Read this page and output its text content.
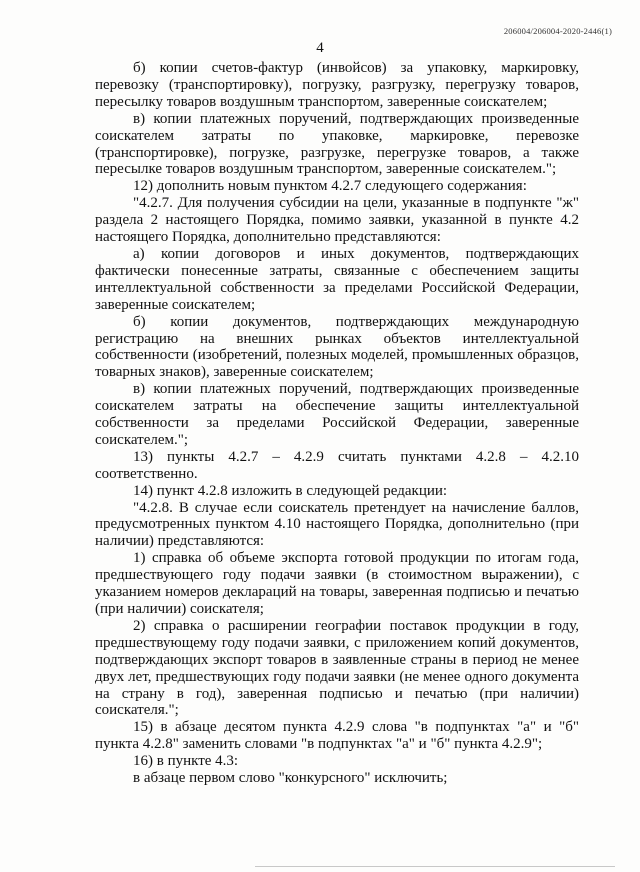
206004/206004-2020-2446(1)
4

б) копии счетов-фактур (инвойсов) за упаковку, маркировку, перевозку (транспортировку), погрузку, разгрузку, перегрузку товаров, пересылку товаров воздушным транспортом, заверенные соискателем;

в) копии платежных поручений, подтверждающих произведенные соискателем затраты по упаковке, маркировке, перевозке (транспортировке), погрузке, разгрузке, перегрузке товаров, а также пересылке товаров воздушным транспортом, заверенные соискателем.";

12) дополнить новым пунктом 4.2.7 следующего содержания:

"4.2.7. Для получения субсидии на цели, указанные в подпункте "ж" раздела 2 настоящего Порядка, помимо заявки, указанной в пункте 4.2 настоящего Порядка, дополнительно представляются:

а) копии договоров и иных документов, подтверждающих фактически понесенные затраты, связанные с обеспечением защиты интеллектуальной собственности за пределами Российской Федерации, заверенные соискателем;

б) копии документов, подтверждающих международную регистрацию на внешних рынках объектов интеллектуальной собственности (изобретений, полезных моделей, промышленных образцов, товарных знаков), заверенные соискателем;

в) копии платежных поручений, подтверждающих произведенные соискателем затраты на обеспечение защиты интеллектуальной собственности за пределами Российской Федерации, заверенные соискателем.";

13) пункты 4.2.7 – 4.2.9 считать пунктами 4.2.8 – 4.2.10 соответственно.

14) пункт 4.2.8 изложить в следующей редакции:

"4.2.8. В случае если соискатель претендует на начисление баллов, предусмотренных пунктом 4.10 настоящего Порядка, дополнительно (при наличии) представляются:

1) справка об объеме экспорта готовой продукции по итогам года, предшествующего году подачи заявки (в стоимостном выражении), с указанием номеров деклараций на товары, заверенная подписью и печатью (при наличии) соискателя;

2) справка о расширении географии поставок продукции в году, предшествующему году подачи заявки, с приложением копий документов, подтверждающих экспорт товаров в заявленные страны в период не менее двух лет, предшествующих году подачи заявки (не менее одного документа на страну в год), заверенная подписью и печатью (при наличии) соискателя.";

15) в абзаце десятом пункта 4.2.9 слова "в подпунктах "а" и "б" пункта 4.2.8" заменить словами "в подпунктах "а" и "б" пункта 4.2.9";

16) в пункте 4.3:

в абзаце первом слово "конкурсного" исключить;
